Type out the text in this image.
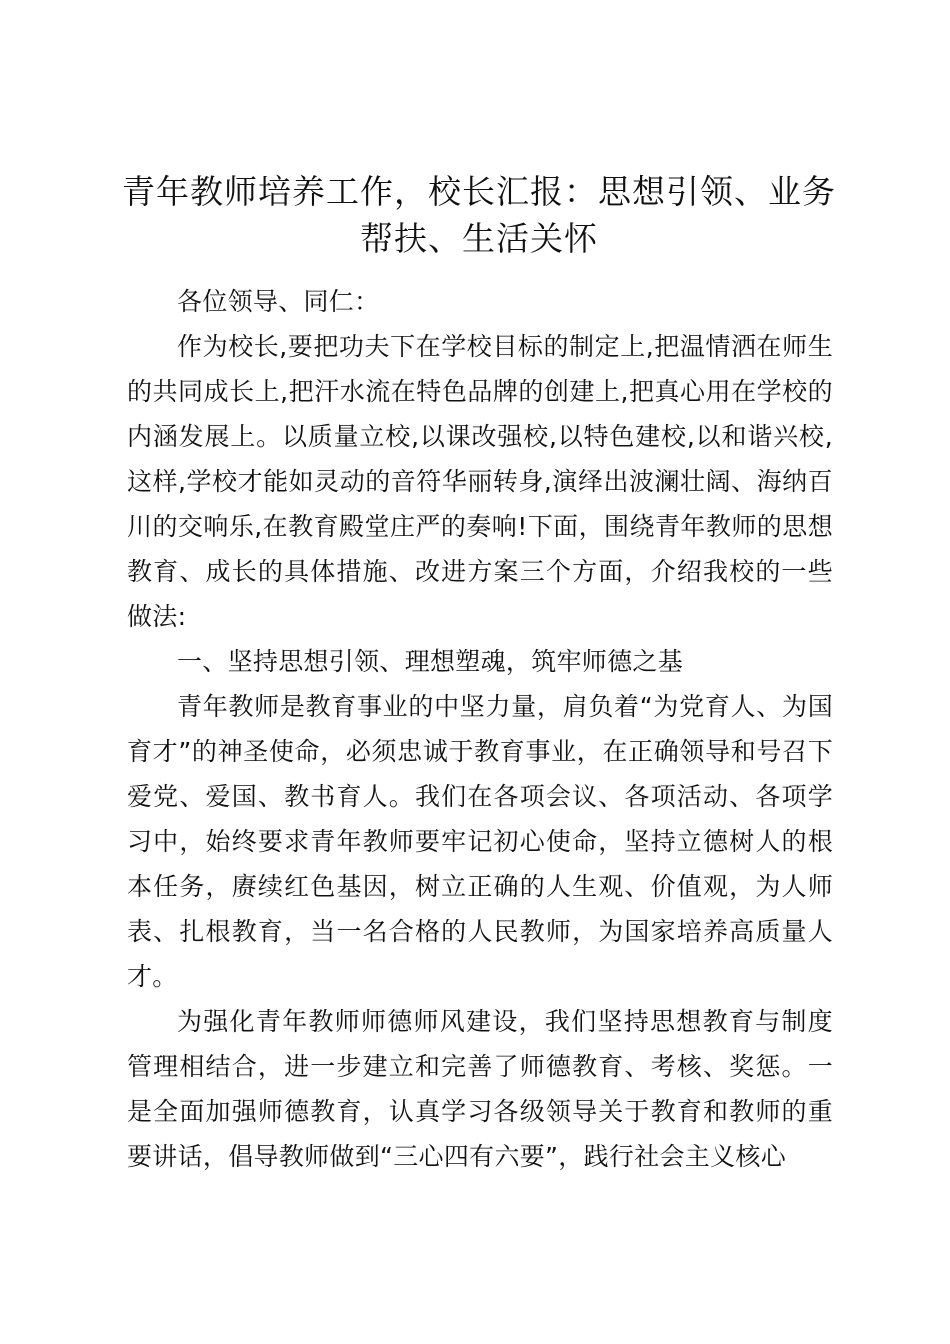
青年教师培养工作，校长汇报：思想引领、业务帮扶、生活关怀

各位领导、同仁：

作为校长,要把功夫下在学校目标的制定上,把温情洒在师生的共同成长上,把汗水流在特色品牌的创建上,把真心用在学校的内涵发展上。以质量立校,以课改强校,以特色建校,以和谐兴校,这样,学校才能如灵动的音符华丽转身,演绎出波澜壮阔、海纳百川的交响乐,在教育殿堂庄严的奏响!下面，围绕青年教师的思想教育、成长的具体措施、改进方案三个方面，介绍我校的一些做法:

一、坚持思想引领、理想塑魂，筑牢师德之基

青年教师是教育事业的中坚力量，肩负着“为党育人、为国育才”的神圣使命，必须忠诚于教育事业，在正确领导和号召下爱党、爱国、教书育人。我们在各项会议、各项活动、各项学习中，始终要求青年教师要牢记初心使命，坚持立德树人的根本任务，赓续红色基因，树立正确的人生观、价值观，为人师表、扎根教育，当一名合格的人民教师，为国家培养高质量人才。

为强化青年教师师德师风建设，我们坚持思想教育与制度管理相结合，进一步建立和完善了师德教育、考核、奖惩。一是全面加强师德教育，认真学习各级领导关于教育和教师的重要讲话，倡导教师做到“三心四有六要”，践行社会主义核心
